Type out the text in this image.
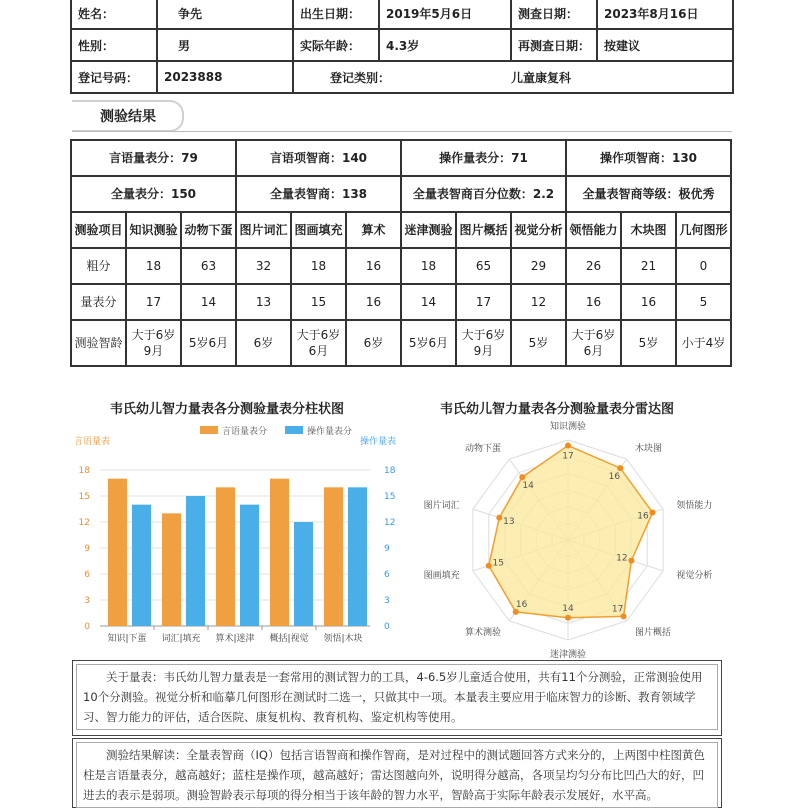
姓名：	争先	出生日期：	2019年5月6日	测查日期：	2023年8月16日
性别：	男	实际年龄：	4.3岁	再测查日期：	按建议
登记号码：	2023888	登记类别：		儿童康复科	
测验结果
言语量表分：79			言语项智商：140			操作量表分：71			操作项智商：130		
全量表分：150			全量表智商：138			全量表智商百分位数：2.2			全量表智商等级：极优秀		
测验项目	知识测验	动物下蛋	图片词汇	图画填充	算术	迷津测验	图片概括	视觉分析	领悟能力	木块图	几何图形
粗分	18	63	32	18	16	18	65	29	26	21	0
量表分	17	14	13	15	16	14	17	12	16	16	5
测验智龄	大于6岁9月	5岁6月	6岁	大于6岁6月	6岁	5岁6月	大于6岁9月	5岁	大于6岁6月	5岁	小于4岁
韦氏幼儿智力量表各分测验量表分柱状图	韦氏幼儿智力量表各分测验量表分雷达图
言语量表分	操作量表分
言语量表	操作量表
0	0
3	3
6	6
9	9
12	12
15	15
18	18
知识|下蛋 词汇|填充 算术|迷津 概括|视觉 领悟|木块
17
知识测验
16
木块图
16
领悟能力
12
视觉分析
17
图片概括
14
迷津测验
16
算术测验
15
图画填充
13
图片词汇
14
动物下蛋
关于量表：韦氏幼儿智力量表是一套常用的测试智力的工具，4-6.5岁儿童适合使用，共有11个分测验，正常测验使用10个分测验。视觉分析和临摹几何图形在测试时二选一，只做其中一项。本量表主要应用于临床智力的诊断、教育领域学习、智力能力的评估，适合医院、康复机构、教育机构、鉴定机构等使用。
测验结果解读：全量表智商（IQ）包括言语智商和操作智商，是对过程中的测试题回答方式来分的，上两图中柱图黄色柱是言语量表分，越高越好；蓝柱是操作项，越高越好；雷达图越向外，说明得分越高，各项呈均匀分布比凹凸大的好，凹进去的表示是弱项。测验智龄表示每项的得分相当于该年龄的智力水平，智龄高于实际年龄表示发展好，水平高。
